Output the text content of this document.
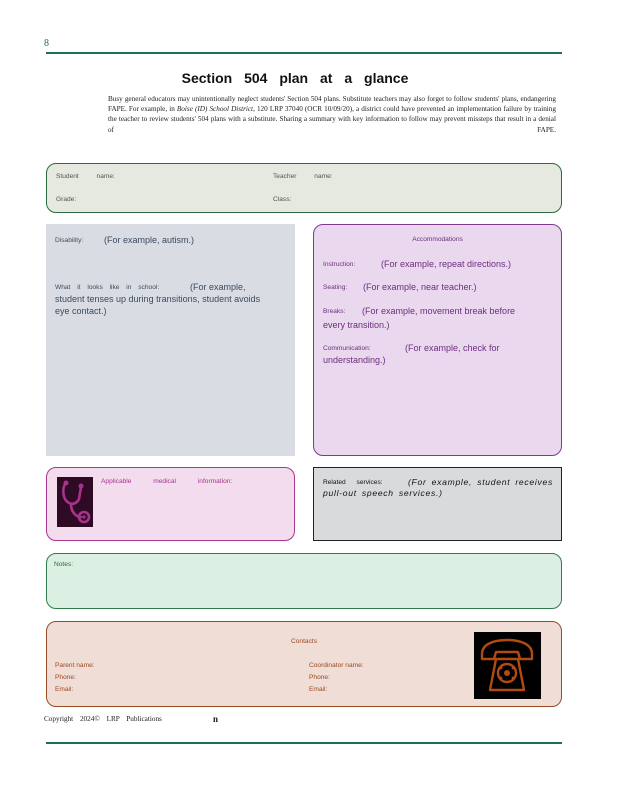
8
Section 504 plan at a glance
Busy general educators may unintentionally neglect students' Section 504 plans. Substitute teachers may also forget to follow students' plans, endangering FAPE. For example, in Boise (ID) School District, 120 LRP 37040 (OCR 10/09/20), a district could have prevented an implementation failure by training the teacher to review students' 504 plans with a substitute. Sharing a summary with key information to follow may prevent missteps that result in a denial of FAPE.
Student name:	Teacher name:
Grade:	Class:
Disability: (For example, autism.)
What it looks like in school:	(For example,
student tenses up during transitions, student avoids eye contact.)
Accommodations
Instruction:	(For example, repeat directions.)
Seating: (For example, near teacher.)
Breaks: (For example, movement break before
every transition.)
Communication:	(For example, check for
understanding.)
Applicable medical information:	Related services:	(For example, student receives
pull-out speech services.)
Notes:
Contacts
Parent name:
Phone:
Email:
Coordinator name:
Phone:
Email:
Copyright 2024© LRP Publications	n
